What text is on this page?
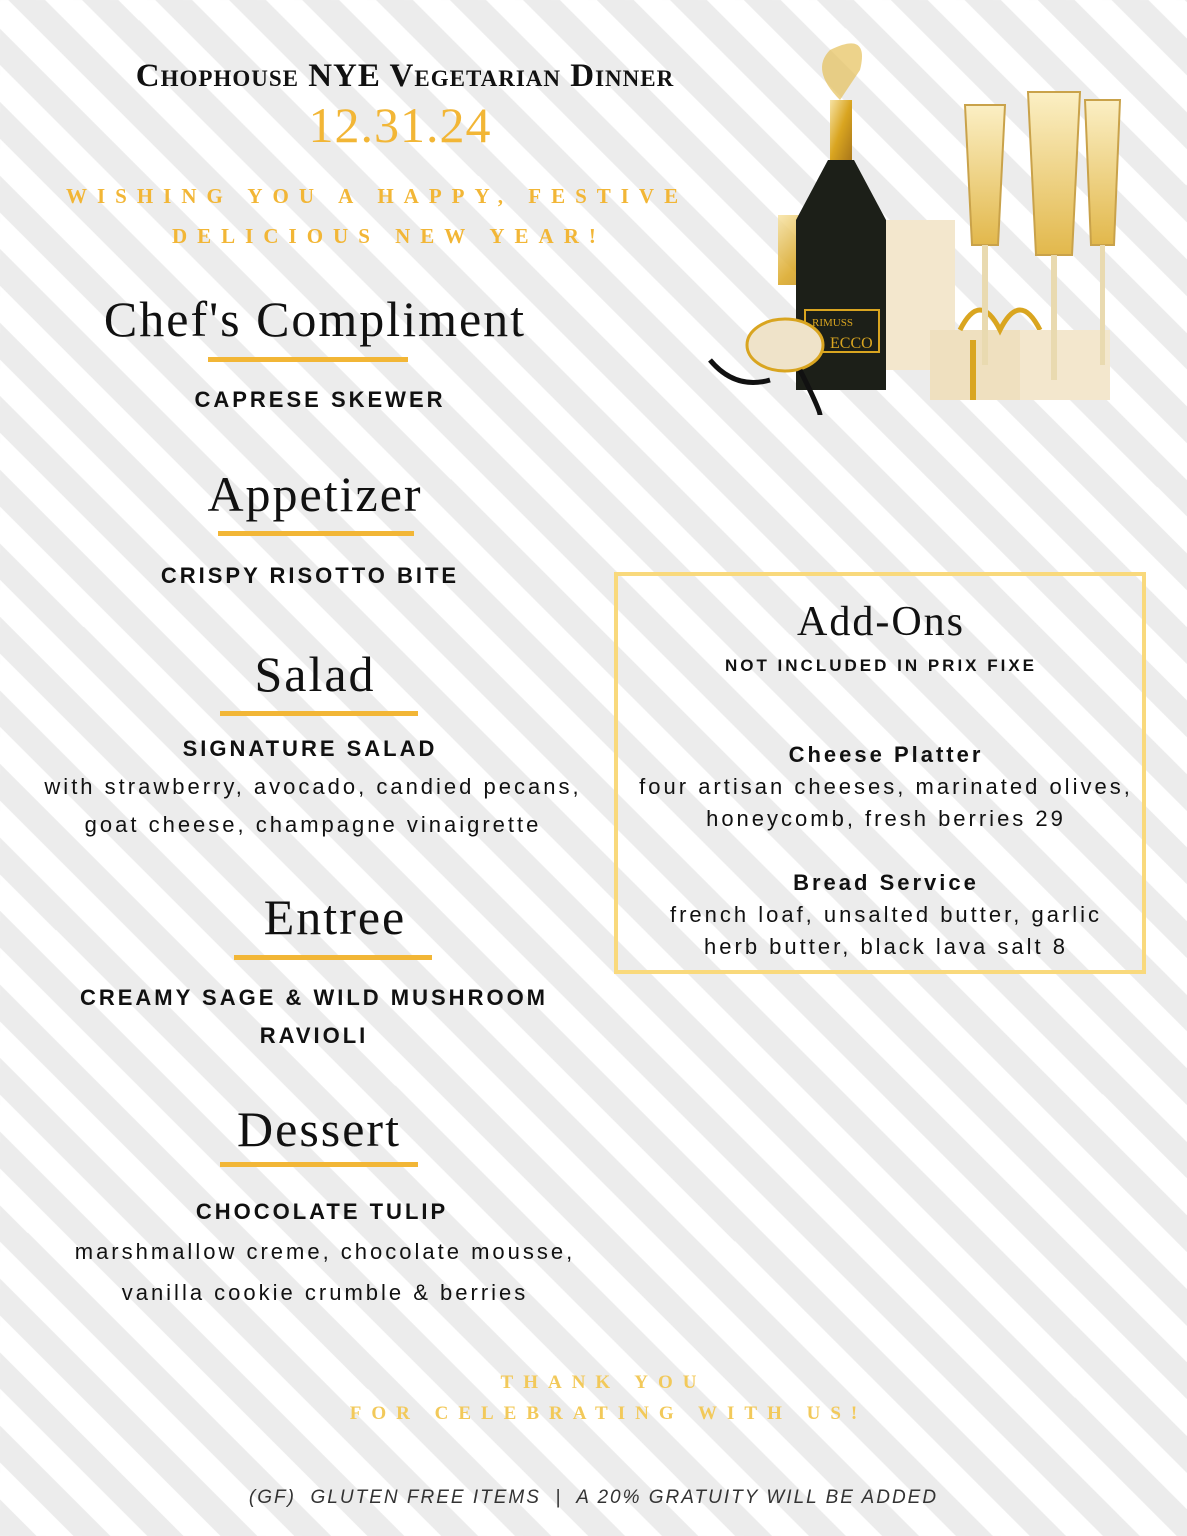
Chophouse NYE Vegetarian Dinner
12.31.24
WISHING YOU A HAPPY, FESTIVE
DELICIOUS NEW YEAR!
RIMUSS
ECCO
Chef's Compliment
CAPRESE SKEWER
Appetizer
CRISPY RISOTTO BITE
Salad
SIGNATURE SALAD
with strawberry, avocado, candied pecans,
goat cheese, champagne vinaigrette
Entree
CREAMY SAGE & WILD MUSHROOM
RAVIOLI
Dessert
CHOCOLATE TULIP
marshmallow creme, chocolate mousse,
vanilla cookie crumble & berries
Add-Ons
NOT INCLUDED IN PRIX FIXE
Cheese Platter
four artisan cheeses, marinated olives,
honeycomb, fresh berries 29
Bread Service
french loaf, unsalted butter, garlic
herb butter, black lava salt 8
THANK YOU
FOR CELEBRATING WITH US!
(GF)  GLUTEN FREE ITEMS  |  A 20% GRATUITY WILL BE ADDED
